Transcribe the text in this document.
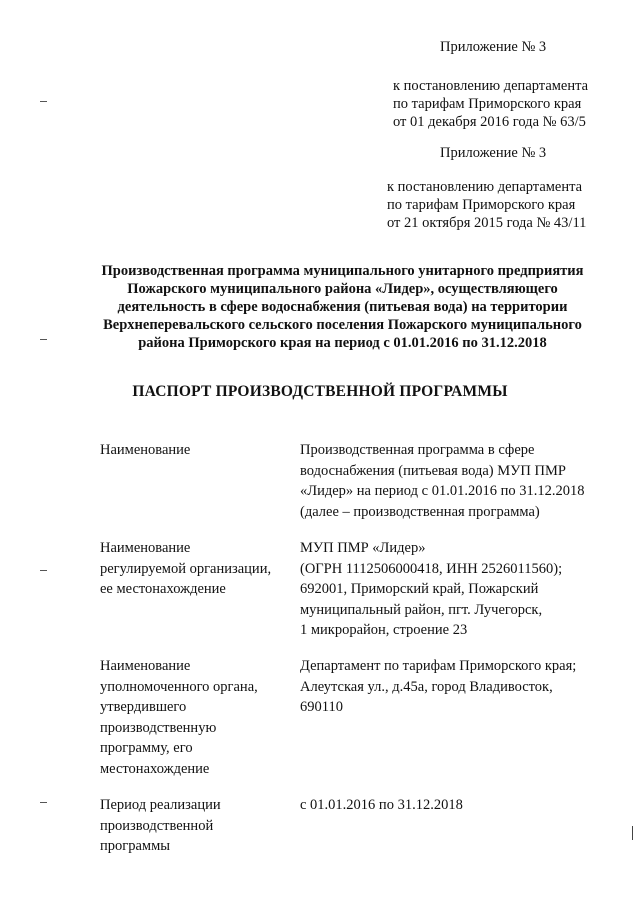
Приложение № 3
к постановлению департамента
по тарифам Приморского края
от 01 декабря 2016 года № 63/5
Приложение № 3
к постановлению департамента
по тарифам Приморского края
от 21 октября 2015 года № 43/11
Производственная программа муниципального унитарного предприятия
Пожарского муниципального района «Лидер», осуществляющего
деятельность в сфере водоснабжения (питьевая вода) на территории
Верхнеперевальского сельского поселения Пожарского муниципального
района Приморского края на период с 01.01.2016 по 31.12.2018
ПАСПОРТ ПРОИЗВОДСТВЕННОЙ ПРОГРАММЫ
Наименование	Производственная программа в сфере
водоснабжения (питьевая вода) МУП ПМР
«Лидер» на период с 01.01.2016 по 31.12.2018
(далее – производственная программа)
Наименование
регулируемой организации,
ее местонахождение
МУП ПМР «Лидер»
(ОГРН 1112506000418, ИНН 2526011560);
692001, Приморский край, Пожарский
муниципальный район, пгт. Лучегорск,
1 микрорайон, строение 23
Наименование
уполномоченного органа,
утвердившего
производственную
программу, его
местонахождение
Департамент по тарифам Приморского края;
Алеутская ул., д.45а, город Владивосток,
690110
Период реализации
производственной
программы
с 01.01.2016 по 31.12.2018
